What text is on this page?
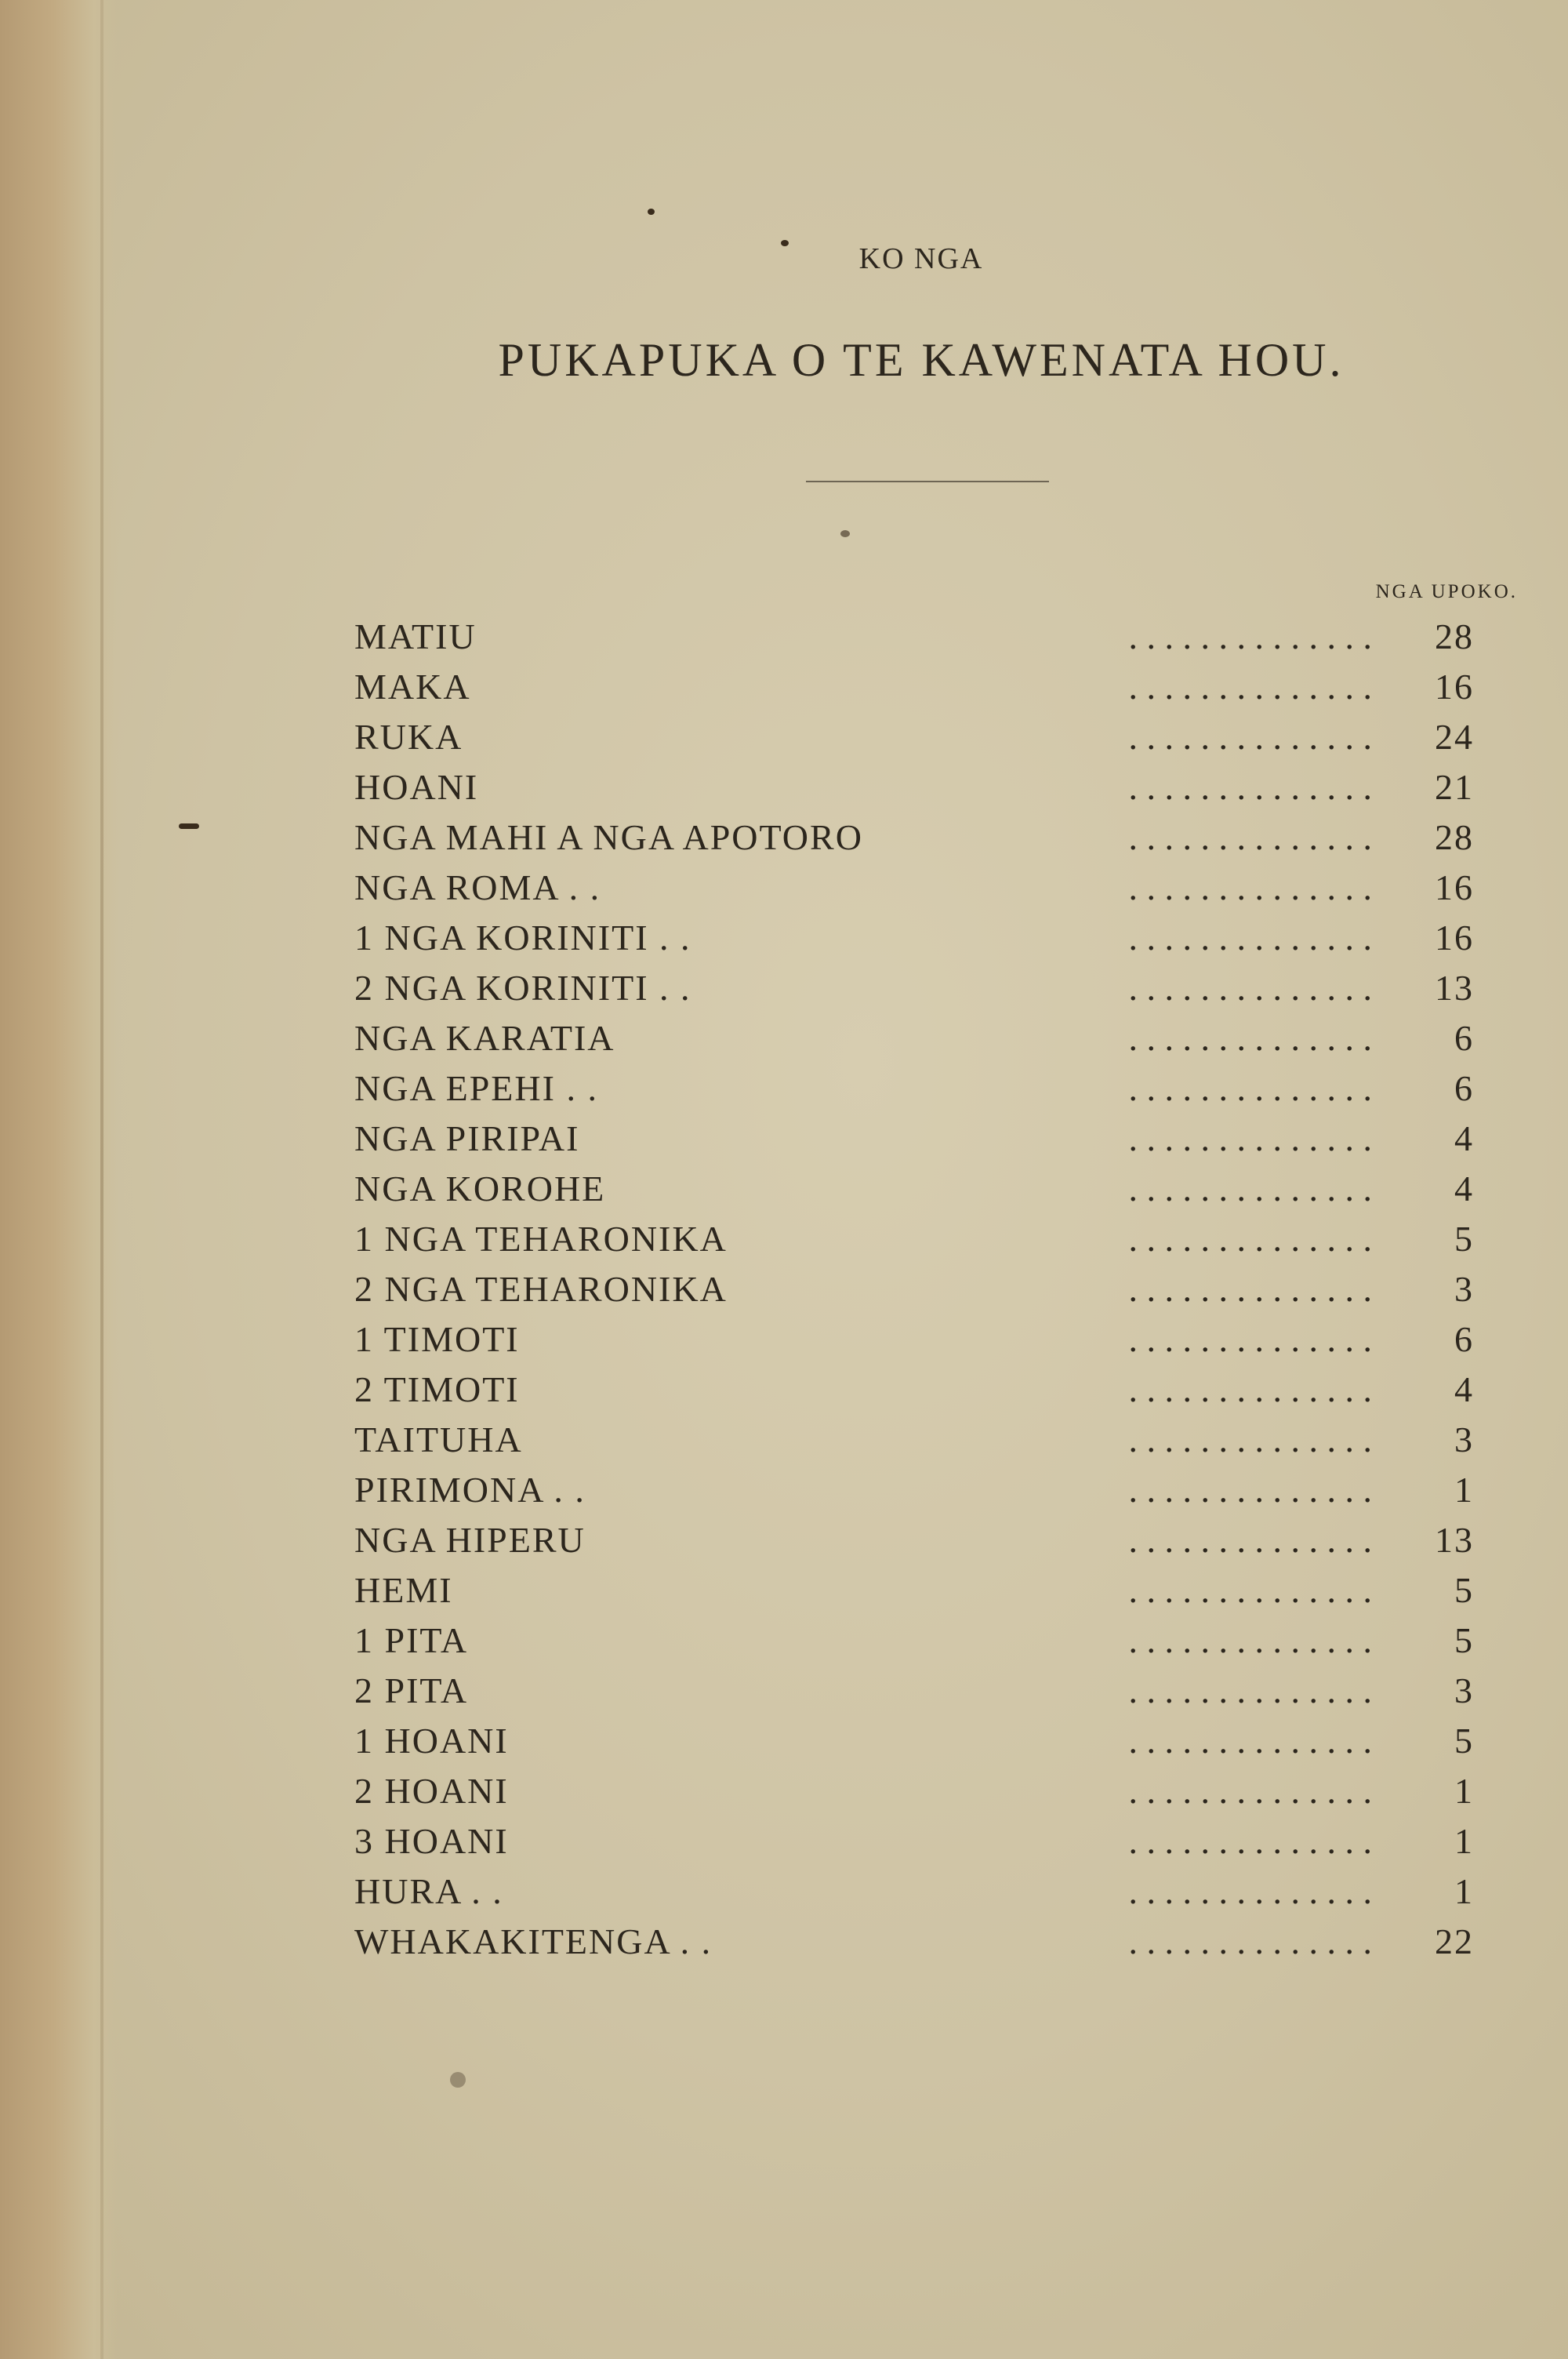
KO NGA
PUKAPUKA O TE KAWENATA HOU.
NGA UPOKO.
MATIU	. . . . . . . . . . . . . .	28
MAKA	. . . . . . . . . . . . . .	16
RUKA	. . . . . . . . . . . . . .	24
HOANI	. . . . . . . . . . . . . .	21
NGA MAHI A NGA APOTORO	. . . . . . . . . . . . . .	28
NGA ROMA . .	. . . . . . . . . . . . . .	16
1 NGA KORINITI . .	. . . . . . . . . . . . . .	16
2 NGA KORINITI . .	. . . . . . . . . . . . . .	13
NGA KARATIA	. . . . . . . . . . . . . .	6
NGA EPEHI . .	. . . . . . . . . . . . . .	6
NGA PIRIPAI	. . . . . . . . . . . . . .	4
NGA KOROHE	. . . . . . . . . . . . . .	4
1 NGA TEHARONIKA	. . . . . . . . . . . . . .	5
2 NGA TEHARONIKA	. . . . . . . . . . . . . .	3
1 TIMOTI	. . . . . . . . . . . . . .	6
2 TIMOTI	. . . . . . . . . . . . . .	4
TAITUHA	. . . . . . . . . . . . . .	3
PIRIMONA . .	. . . . . . . . . . . . . .	1
NGA HIPERU	. . . . . . . . . . . . . .	13
HEMI	. . . . . . . . . . . . . .	5
1 PITA	. . . . . . . . . . . . . .	5
2 PITA	. . . . . . . . . . . . . .	3
1 HOANI	. . . . . . . . . . . . . .	5
2 HOANI	. . . . . . . . . . . . . .	1
3 HOANI	. . . . . . . . . . . . . .	1
HURA . .	. . . . . . . . . . . . . .	1
WHAKAKITENGA . .	. . . . . . . . . . . . . .	22
